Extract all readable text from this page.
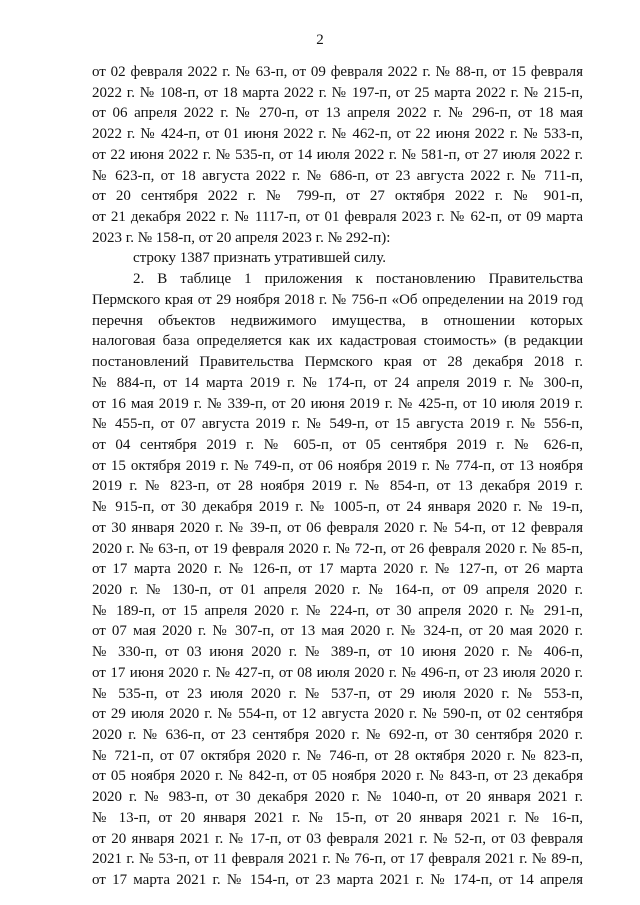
2
от 02 февраля 2022 г. № 63-п, от 09 февраля 2022 г. № 88-п, от 15 февраля
2022 г. № 108-п, от 18 марта 2022 г. № 197-п, от 25 марта 2022 г. № 215-п,
от 06 апреля 2022 г. № 270-п, от 13 апреля 2022 г. № 296-п, от 18 мая
2022 г. № 424-п, от 01 июня 2022 г. № 462-п, от 22 июня 2022 г. № 533-п,
от 22 июня 2022 г. № 535-п, от 14 июля 2022 г. № 581-п, от 27 июля 2022 г.
№ 623-п, от 18 августа 2022 г. № 686-п, от 23 августа 2022 г. № 711-п,
от 20 сентября 2022 г. № 799-п, от 27 октября 2022 г. № 901-п,
от 21 декабря 2022 г. № 1117-п, от 01 февраля 2023 г. № 62-п, от 09 марта
2023 г. № 158-п, от 20 апреля 2023 г. № 292-п):
строку 1387 признать утратившей силу.
2. В таблице 1 приложения к постановлению Правительства
Пермского края от 29 ноября 2018 г. № 756-п «Об определении на 2019 год
перечня объектов недвижимого имущества, в отношении которых
налоговая база определяется как их кадастровая стоимость» (в редакции
постановлений Правительства Пермского края от 28 декабря 2018 г.
№ 884-п, от 14 марта 2019 г. № 174-п, от 24 апреля 2019 г. № 300-п,
от 16 мая 2019 г. № 339-п, от 20 июня 2019 г. № 425-п, от 10 июля 2019 г.
№ 455-п, от 07 августа 2019 г. № 549-п, от 15 августа 2019 г. № 556-п,
от 04 сентября 2019 г. № 605-п, от 05 сентября 2019 г. № 626-п,
от 15 октября 2019 г. № 749-п, от 06 ноября 2019 г. № 774-п, от 13 ноября
2019 г. № 823-п, от 28 ноября 2019 г. № 854-п, от 13 декабря 2019 г.
№ 915-п, от 30 декабря 2019 г. № 1005-п, от 24 января 2020 г. № 19-п,
от 30 января 2020 г. № 39-п, от 06 февраля 2020 г. № 54-п, от 12 февраля
2020 г. № 63-п, от 19 февраля 2020 г. № 72-п, от 26 февраля 2020 г. № 85-п,
от 17 марта 2020 г. № 126-п, от 17 марта 2020 г. № 127-п, от 26 марта
2020 г. № 130-п, от 01 апреля 2020 г. № 164-п, от 09 апреля 2020 г.
№ 189-п, от 15 апреля 2020 г. № 224-п, от 30 апреля 2020 г. № 291-п,
от 07 мая 2020 г. № 307-п, от 13 мая 2020 г. № 324-п, от 20 мая 2020 г.
№ 330-п, от 03 июня 2020 г. № 389-п, от 10 июня 2020 г. № 406-п,
от 17 июня 2020 г. № 427-п, от 08 июля 2020 г. № 496-п, от 23 июля 2020 г.
№ 535-п, от 23 июля 2020 г. № 537-п, от 29 июля 2020 г. № 553-п,
от 29 июля 2020 г. № 554-п, от 12 августа 2020 г. № 590-п, от 02 сентября
2020 г. № 636-п, от 23 сентября 2020 г. № 692-п, от 30 сентября 2020 г.
№ 721-п, от 07 октября 2020 г. № 746-п, от 28 октября 2020 г. № 823-п,
от 05 ноября 2020 г. № 842-п, от 05 ноября 2020 г. № 843-п, от 23 декабря
2020 г. № 983-п, от 30 декабря 2020 г. № 1040-п, от 20 января 2021 г.
№ 13-п, от 20 января 2021 г. № 15-п, от 20 января 2021 г. № 16-п,
от 20 января 2021 г. № 17-п, от 03 февраля 2021 г. № 52-п, от 03 февраля
2021 г. № 53-п, от 11 февраля 2021 г. № 76-п, от 17 февраля 2021 г. № 89-п,
от 17 марта 2021 г. № 154-п, от 23 марта 2021 г. № 174-п, от 14 апреля
